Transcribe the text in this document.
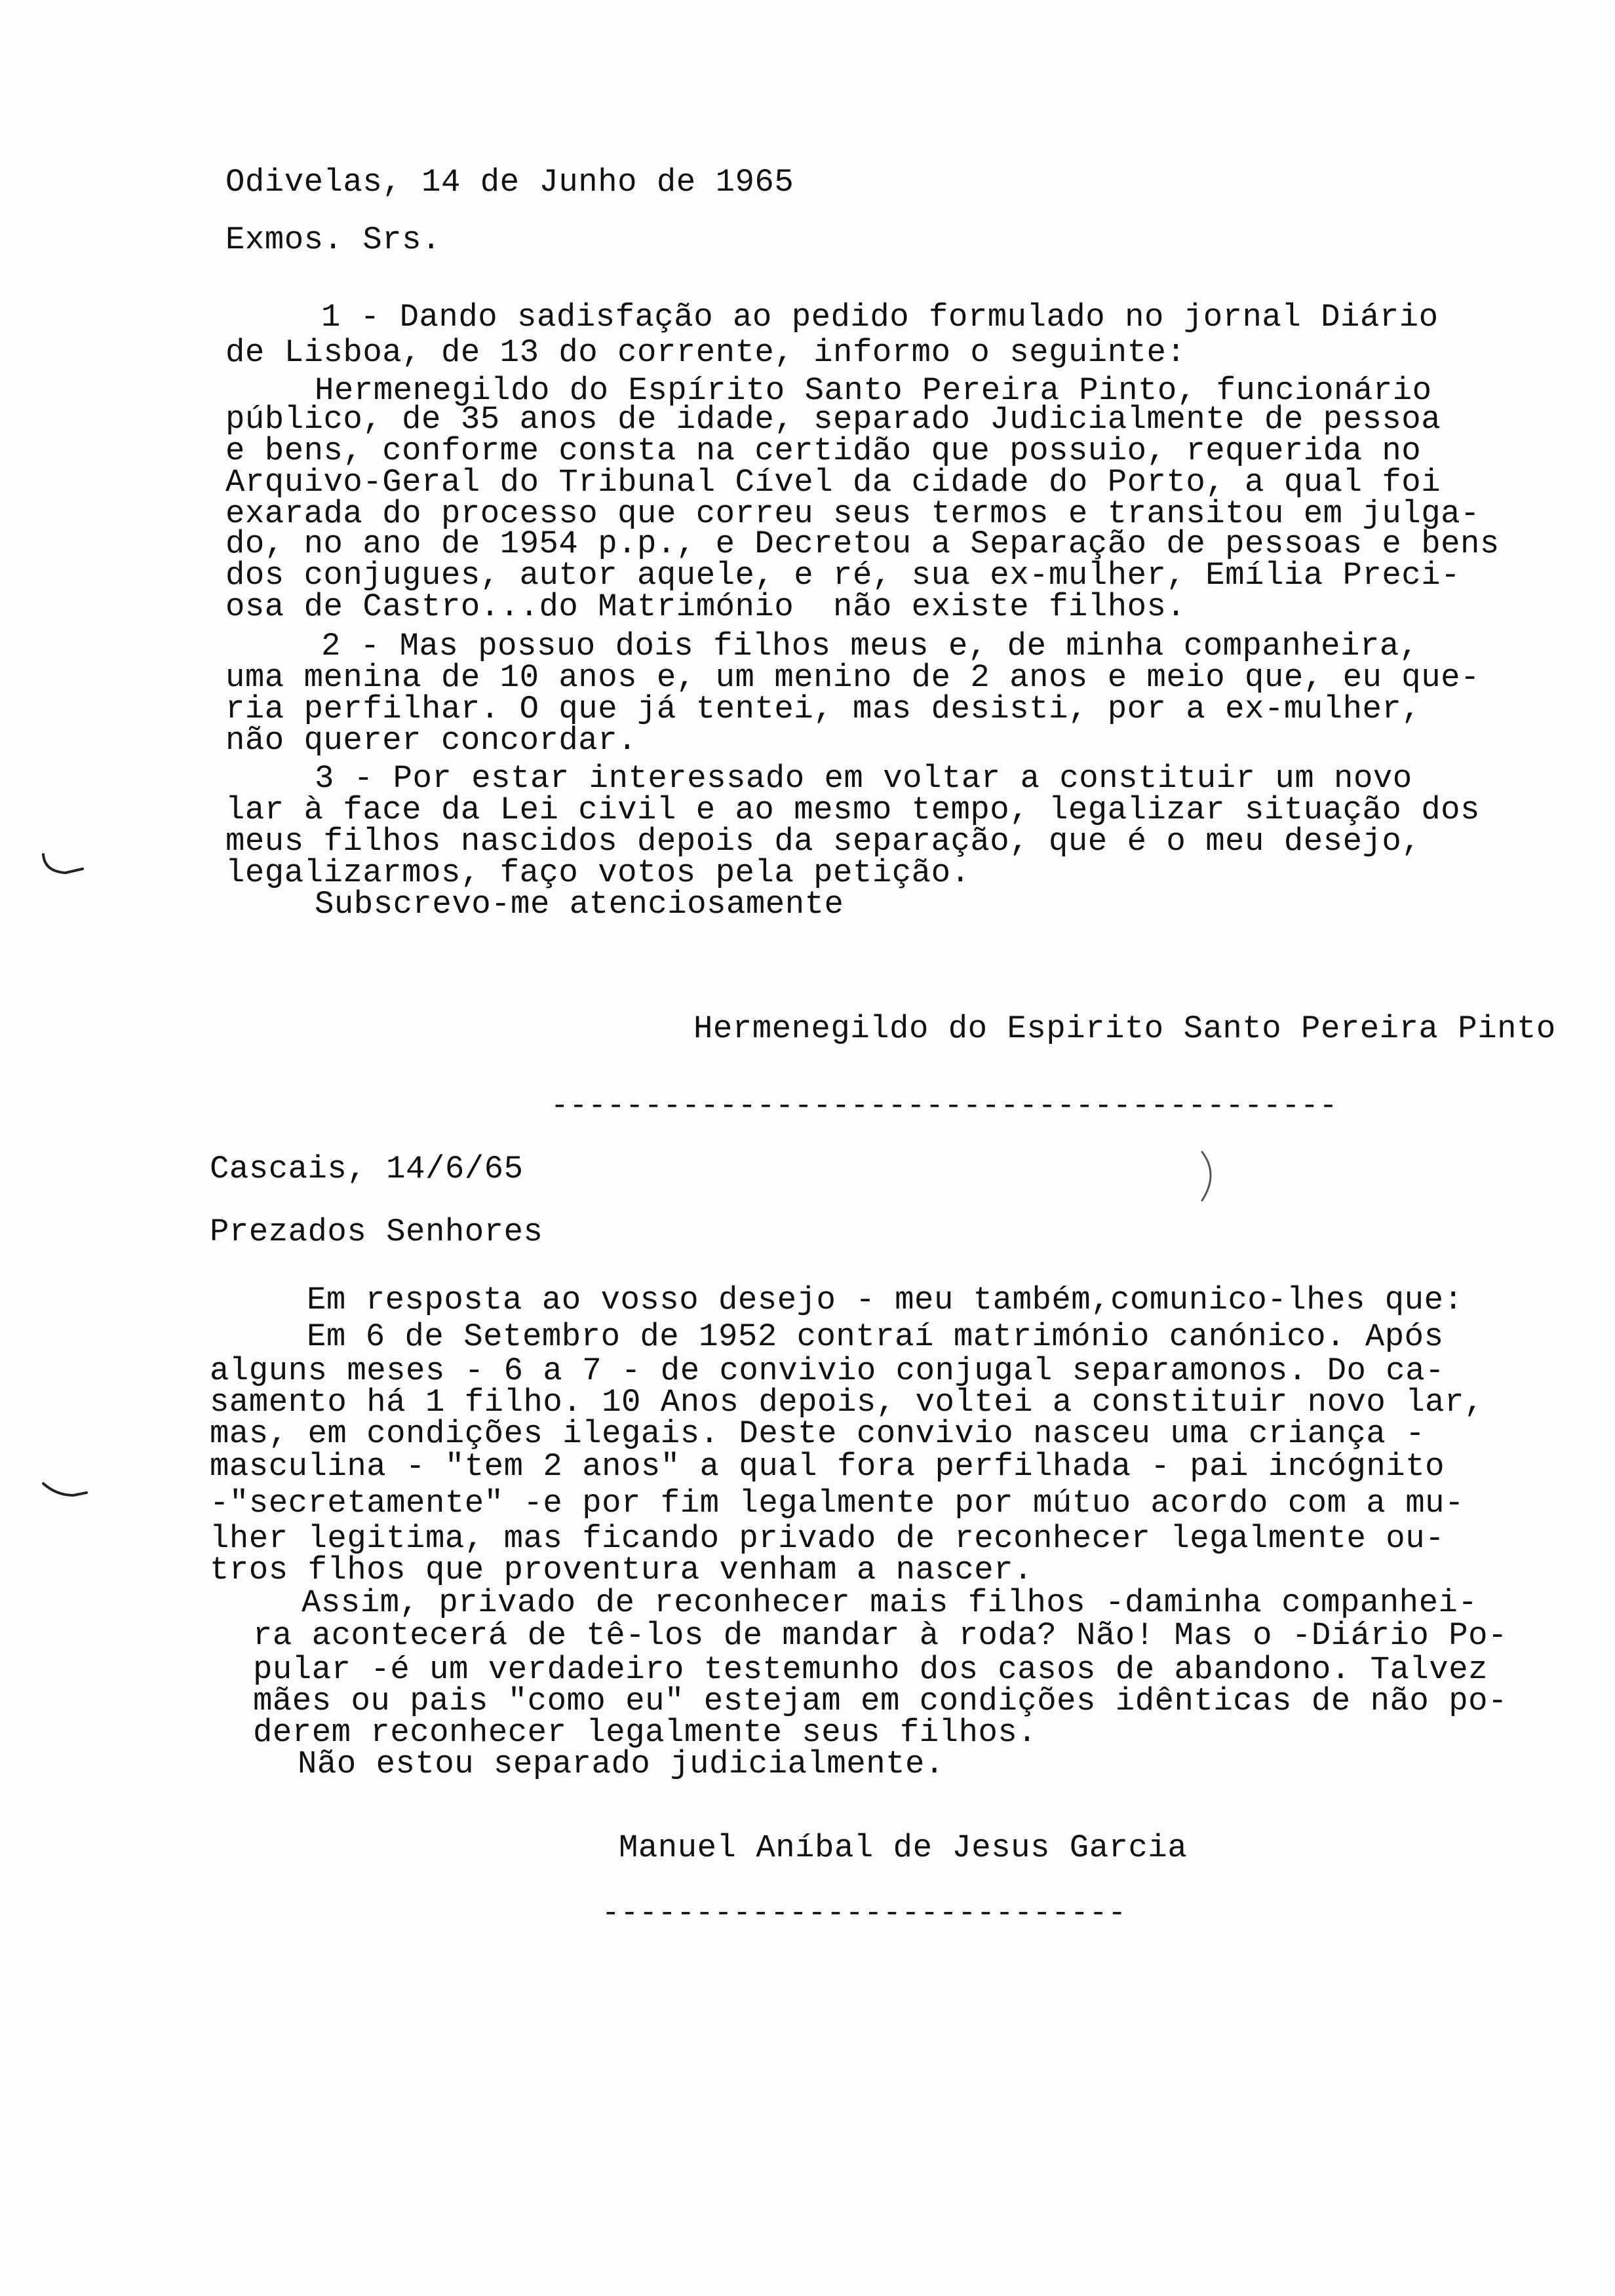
Odivelas, 14 de Junho de 1965
Exmos. Srs.
1 - Dando sadisfação ao pedido formulado no jornal Diário
de Lisboa, de 13 do corrente, informo o seguinte:
Hermenegildo do Espírito Santo Pereira Pinto, funcionário
público, de 35 anos de idade, separado Judicialmente de pessoa
e bens, conforme consta na certidão que possuio, requerida no
Arquivo-Geral do Tribunal Cível da cidade do Porto, a qual foi
exarada do processo que correu seus termos e transitou em julga-
do, no ano de 1954 p.p., e Decretou a Separação de pessoas e bens
dos conjugues, autor aquele, e ré, sua ex-mulher, Emília Preci-
osa de Castro...do Matrimónio  não existe filhos.
2 - Mas possuo dois filhos meus e, de minha companheira,
uma menina de 10 anos e, um menino de 2 anos e meio que, eu que-
ria perfilhar. O que já tentei, mas desisti, por a ex-mulher,
não querer concordar.
3 - Por estar interessado em voltar a constituir um novo
lar à face da Lei civil e ao mesmo tempo, legalizar situação dos
meus filhos nascidos depois da separação, que é o meu desejo,
legalizarmos, faço votos pela petição.
Subscrevo-me atenciosamente
Hermenegildo do Espirito Santo Pereira Pinto
------------------------------------------
Cascais, 14/6/65
Prezados Senhores
Em resposta ao vosso desejo - meu também,comunico-lhes que:
Em 6 de Setembro de 1952 contraí matrimónio canónico. Após
alguns meses - 6 a 7 - de convivio conjugal separamonos. Do ca-
samento há 1 filho. 10 Anos depois, voltei a constituir novo lar,
mas, em condições ilegais. Deste convivio nasceu uma criança -
masculina - "tem 2 anos" a qual fora perfilhada - pai incógnito
-"secretamente" -e por fim legalmente por mútuo acordo com a mu-
lher legitima, mas ficando privado de reconhecer legalmente ou-
tros flhos que proventura venham a nascer.
Assim, privado de reconhecer mais filhos -daminha companhei-
ra acontecerá de tê-los de mandar à roda? Não! Mas o -Diário Po-
pular -é um verdadeiro testemunho dos casos de abandono. Talvez
mães ou pais "como eu" estejam em condições idênticas de não po-
derem reconhecer legalmente seus filhos.
Não estou separado judicialmente.
Manuel Aníbal de Jesus Garcia
----------------------------
